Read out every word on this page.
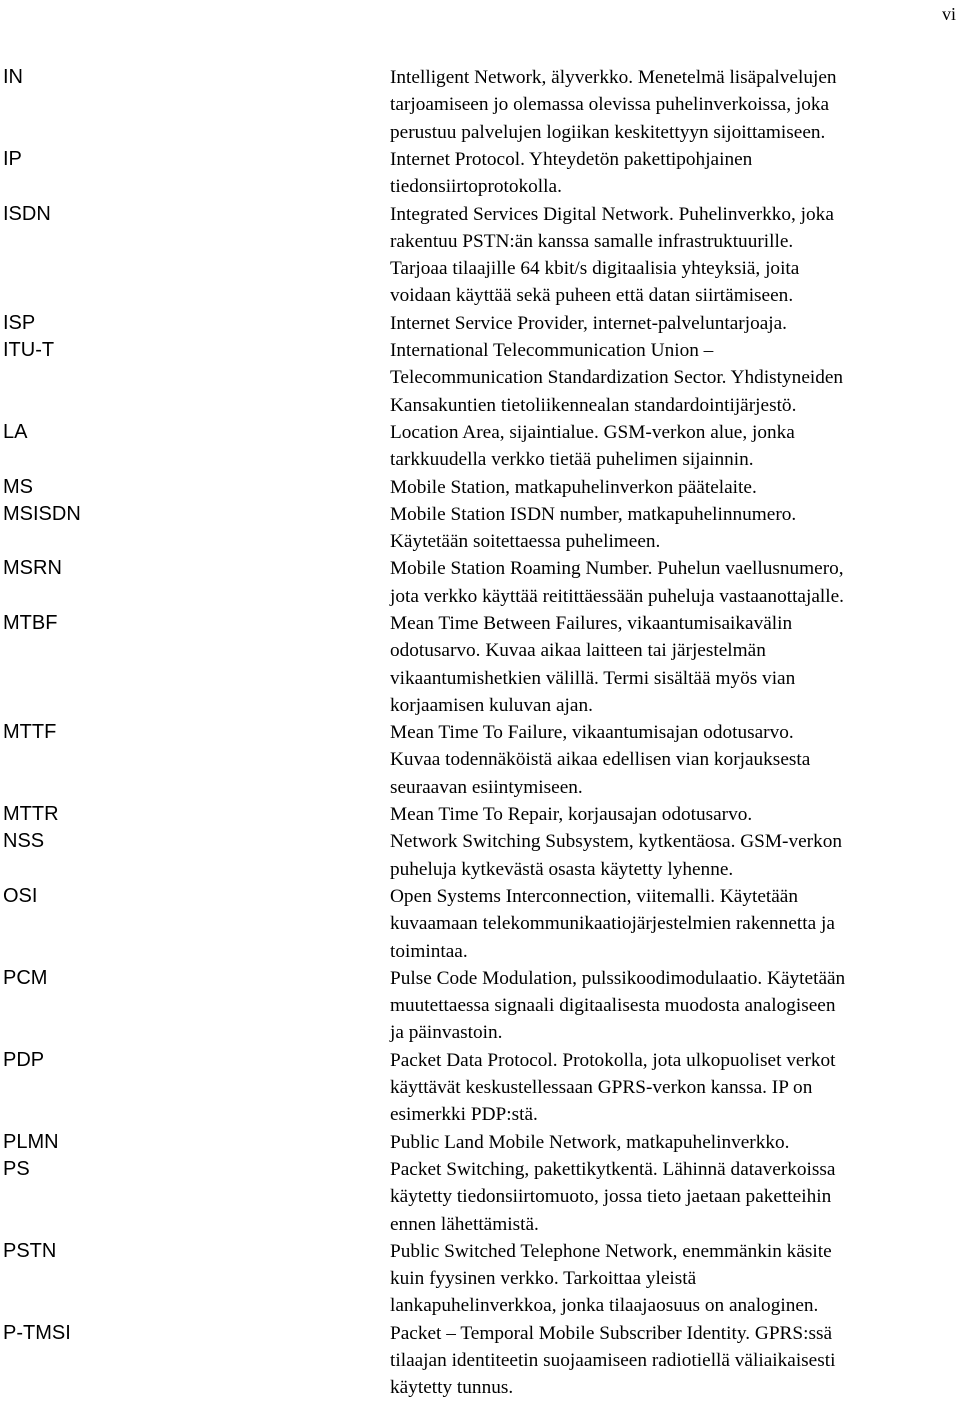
vi
IN	Intelligent Network, älyverkko. Menetelmä lisäpalvelujen
tarjoamiseen jo olemassa olevissa puhelinverkoissa, joka
perustuu palvelujen logiikan keskitettyyn sijoittamiseen.
IP	Internet Protocol. Yhteydetön pakettipohjainen
tiedonsiirtoprotokolla.
ISDN	Integrated Services Digital Network. Puhelinverkko, joka
rakentuu PSTN:än kanssa samalle infrastruktuurille.
Tarjoaa tilaajille 64 kbit/s digitaalisia yhteyksiä, joita
voidaan käyttää sekä puheen että datan siirtämiseen.
ISP	Internet Service Provider, internet-palveluntarjoaja.
ITU-T	International Telecommunication Union –
Telecommunication Standardization Sector. Yhdistyneiden
Kansakuntien tietoliikennealan standardointijärjestö.
LA	Location Area, sijaintialue. GSM-verkon alue, jonka
tarkkuudella verkko tietää puhelimen sijainnin.
MS	Mobile Station, matkapuhelinverkon päätelaite.
MSISDN	Mobile Station ISDN number, matkapuhelinnumero.
Käytetään soitettaessa puhelimeen.
MSRN	Mobile Station Roaming Number. Puhelun vaellusnumero,
jota verkko käyttää reitittäessään puheluja vastaanottajalle.
MTBF	Mean Time Between Failures, vikaantumisaikavälin
odotusarvo. Kuvaa aikaa laitteen tai järjestelmän
vikaantumishetkien välillä. Termi sisältää myös vian
korjaamisen kuluvan ajan.
MTTF	Mean Time To Failure, vikaantumisajan odotusarvo.
Kuvaa todennäköistä aikaa edellisen vian korjauksesta
seuraavan esiintymiseen.
MTTR	Mean Time To Repair, korjausajan odotusarvo.
NSS	Network Switching Subsystem, kytkentäosa. GSM-verkon
puheluja kytkevästä osasta käytetty lyhenne.
OSI	Open Systems Interconnection, viitemalli. Käytetään
kuvaamaan telekommunikaatiojärjestelmien rakennetta ja
toimintaa.
PCM	Pulse Code Modulation, pulssikoodimodulaatio. Käytetään
muutettaessa signaali digitaalisesta muodosta analogiseen
ja päinvastoin.
PDP	Packet Data Protocol. Protokolla, jota ulkopuoliset verkot
käyttävät keskustellessaan GPRS-verkon kanssa. IP on
esimerkki PDP:stä.
PLMN	Public Land Mobile Network, matkapuhelinverkko.
PS	Packet Switching, pakettikytkentä. Lähinnä dataverkoissa
käytetty tiedonsiirtomuoto, jossa tieto jaetaan paketteihin
ennen lähettämistä.
PSTN	Public Switched Telephone Network, enemmänkin käsite
kuin fyysinen verkko. Tarkoittaa yleistä
lankapuhelinverkkoa, jonka tilaajaosuus on analoginen.
P-TMSI	Packet – Temporal Mobile Subscriber Identity. GPRS:ssä
tilaajan identiteetin suojaamiseen radiotiellä väliaikaisesti
käytetty tunnus.
